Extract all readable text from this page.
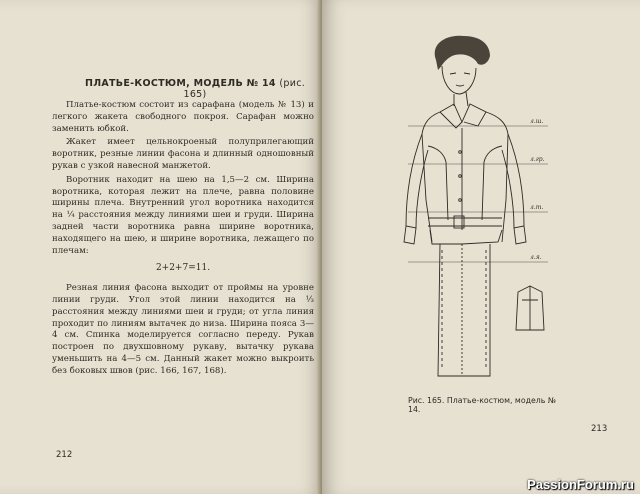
ПЛАТЬЕ-КОСТЮМ, МОДЕЛЬ № 14 (рис. 165)

Платье-костюм состоит из сарафана (модель № 13) и легкого жакета свободного покроя. Сарафан можно заменить юбкой.

Жакет имеет цельнокроеный полуприлегающий воротник, резные линии фасона и длинный одношовный рукав с узкой навесной манжетой.

Воротник находит на шею на 1,5—2 см. Ширина воротника, которая лежит на плече, равна половине ширины плеча. Внутренний угол воротника находится на ¼ расстояния между линиями шеи и груди. Ширина задней части воротника равна ширине воротника, находящего на шею, и ширине воротника, лежащего по плечам:

2+2+7=11.

Резная линия фасона выходит от проймы на уровне линии груди. Угол этой линии находится на ⅓ расстояния между линиями шеи и груди; от угла линия проходит по линиям вытачек до низа. Ширина пояса 3—4 см. Спинка моделируется согласно переду. Рукав построен по двухшовному рукаву, вытачку рукава уменьшить на 4—5 см. Данный жакет можно выкроить без боковых швов (рис. 166, 167, 168).

212
л.ш.
л.гр.
л.т.
л.я.
Рис. 165. Платье-костюм, модель № 14.
213
PassionForum.ru
